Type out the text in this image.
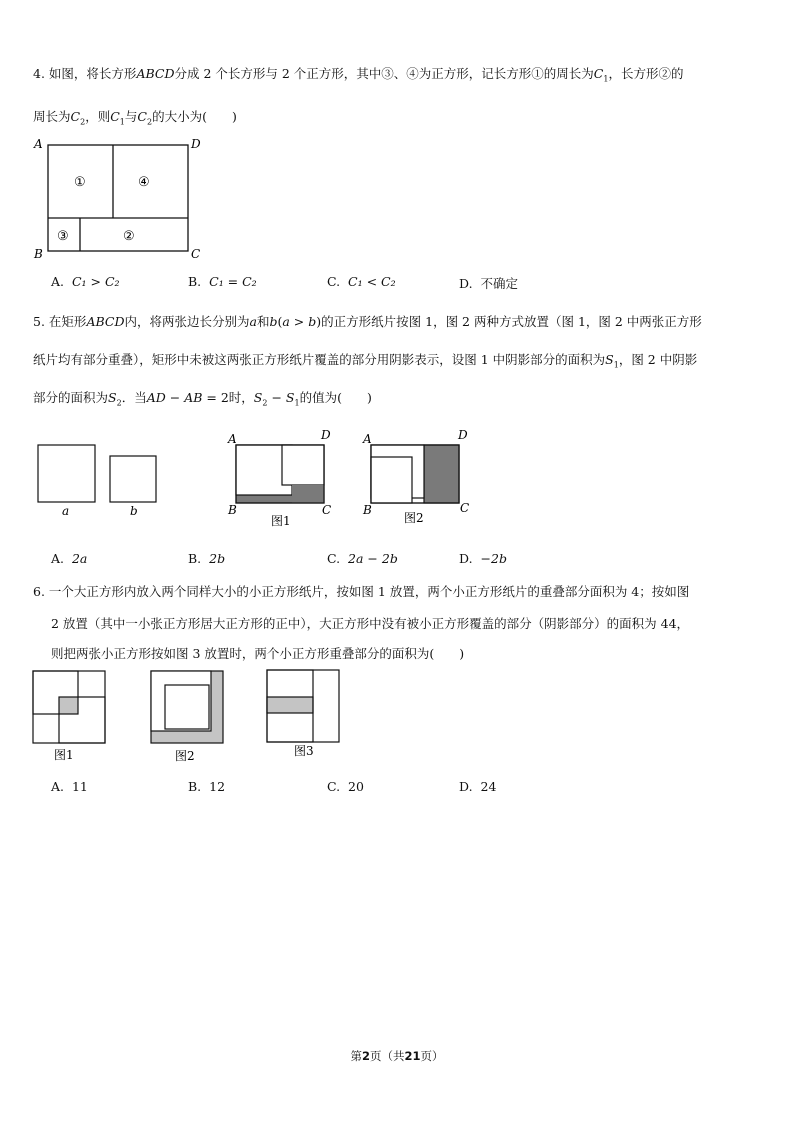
4. 如图，将长方形ABCD分成 2 个长方形与 2 个正方形，其中③、④为正方形，记长方形①的周长为$C_1$，长方形②的
周长为$C_2$，则$C_1$与$C_2$的大小为(　　)
A	D
B	C
①	④
③	②
A. C₁ > C₂	B. C₁ = C₂	C. C₁ < C₂	D. 不确定
5. 在矩形ABCD内，将两张边长分别为a和b(a > b)的正方形纸片按图 1，图 2 两种方式放置（图 1，图 2 中两张正方形
纸片均有部分重叠），矩形中未被这两张正方形纸片覆盖的部分用阴影表示，设图 1 中阴影部分的面积为$S_1$，图 2 中阴影
部分的面积为$S_2$．当AD − AB = 2时，$S_2 - S_1$的值为(　　)
a	b
A	D
B	C
图1
A	D
B	C
图2
A. 2a	B. 2b	C. 2a − 2b	D. −2b
6. 一个大正方形内放入两个同样大小的小正方形纸片，按如图 1 放置，两个小正方形纸片的重叠部分面积为 4；按如图
2 放置（其中一小张正方形居大正方形的正中），大正方形中没有被小正方形覆盖的部分（阴影部分）的面积为 44，
则把两张小正方形按如图 3 放置时，两个小正方形重叠部分的面积为(　　)
图1	图2	图3
A. 11	B. 12	C. 20	D. 24
第2页（共21页）
